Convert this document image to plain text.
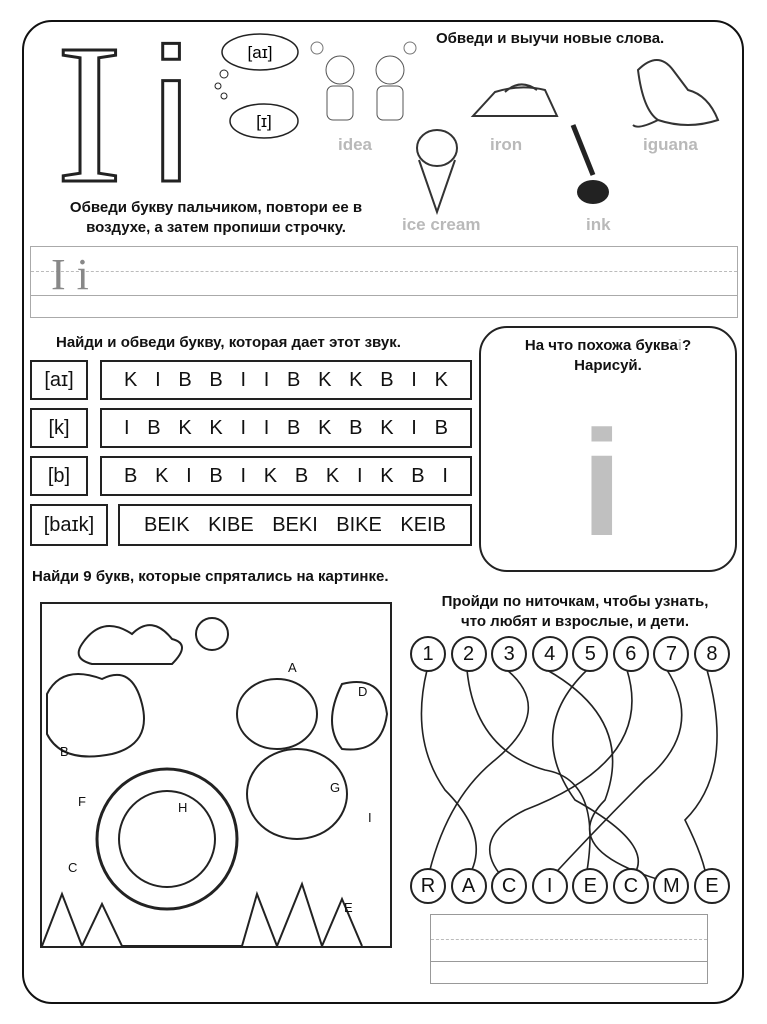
I i	[aɪ]
[ɪ]
Обведи и выучи новые слова.
idea	iron	iguana
ice cream	ink
Обведи букву пальчиком, повтори ее в
воздухе, а затем пропиши строчку.
I i
Найди и обведи букву, которая дает этот звук.
[aɪ]	K I B B I I B K K B I K
[k]	I B K K I I B K B K I B
[b]	B K I B I K B K I K B I
[baɪk]	BEIK KIBE BEKI BIKE KEIB
На что похожа букваi?
Нарисуй.
i
Найди 9 букв, которые спрятались на картинке.
A
D
B
F	H
G
I
C
E
Пройди по ниточкам, чтобы узнать,
что любят и взрослые, и дети.
1	2	3	4	5	6	7	8
R	A	C	I	E	C	M	E
